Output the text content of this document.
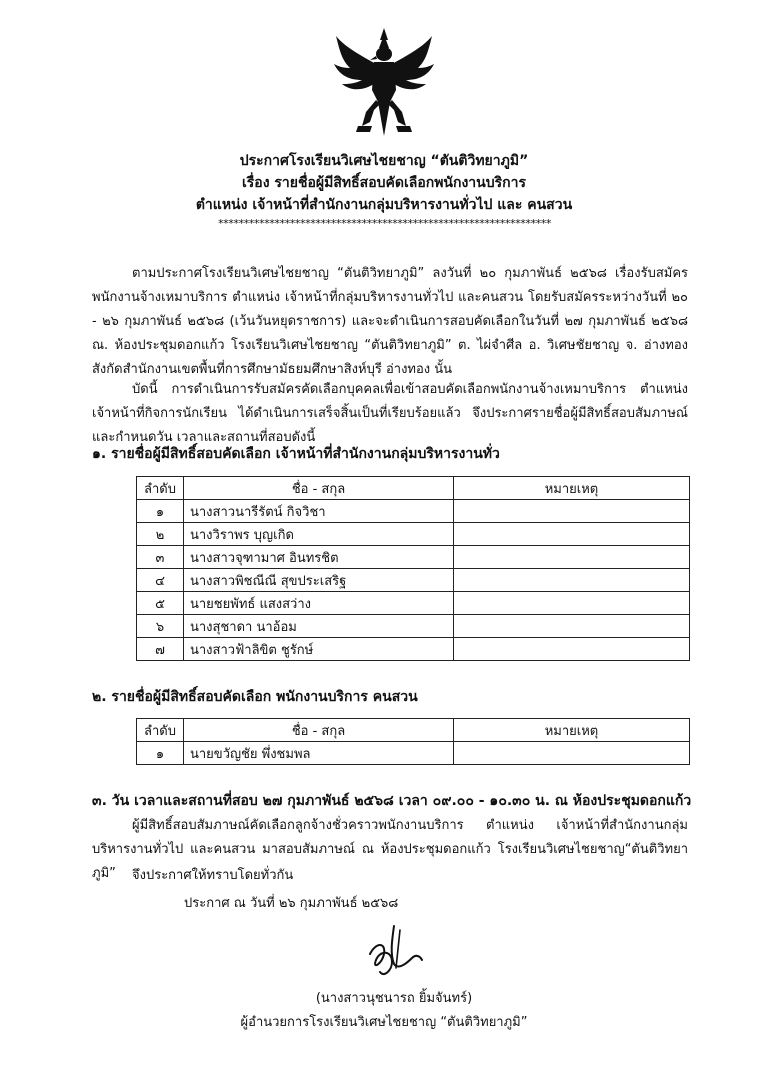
ประกาศโรงเรียนวิเศษไชยชาญ “ตันติวิทยาภูมิ”
เรื่อง รายชื่อผู้มีสิทธิ์สอบคัดเลือกพนักงานบริการ
ตำแหน่ง เจ้าหน้าที่สำนักงานกลุ่มบริหารงานทั่วไป และ คนสวน
*****************************************************************
ตามประกาศโรงเรียนวิเศษไชยชาญ “ตันติวิทยาภูมิ” ลงวันที่ ๒๐ กุมภาพันธ์ ๒๕๖๘ เรื่องรับสมัครพนักงานจ้างเหมาบริการ ตำแหน่ง เจ้าหน้าที่กลุ่มบริหารงานทั่วไป และคนสวน โดยรับสมัครระหว่างวันที่ ๒๐ - ๒๖ กุมภาพันธ์ ๒๕๖๘ (เว้นวันหยุดราชการ) และจะดำเนินการสอบคัดเลือกในวันที่ ๒๗ กุมภาพันธ์ ๒๕๖๘ ณ. ห้องประชุมดอกแก้ว โรงเรียนวิเศษไชยชาญ “ตันติวิทยาภูมิ” ต. ไผ่จำศีล อ. วิเศษชัยชาญ จ. อ่างทอง สังกัดสำนักงานเขตพื้นที่การศึกษามัธยมศึกษาสิงห์บุรี อ่างทอง นั้น
บัดนี้ การดำเนินการรับสมัครคัดเลือกบุคคลเพื่อเข้าสอบคัดเลือกพนักงานจ้างเหมาบริการ ตำแหน่ง เจ้าหน้าที่กิจการนักเรียน ได้ดำเนินการเสร็จสิ้นเป็นที่เรียบร้อยแล้ว จึงประกาศรายชื่อผู้มีสิทธิ์สอบสัมภาษณ์และกำหนดวัน เวลาและสถานที่สอบดังนี้
๑. รายชื่อผู้มีสิทธิ์สอบคัดเลือก เจ้าหน้าที่สำนักงานกลุ่มบริหารงานทั่ว
ลำดับ	ชื่อ - สกุล	หมายเหตุ
๑	นางสาวนารีรัตน์ กิจวิชา	
๒	นางวิราพร บุญเกิด	
๓	นางสาวจุฑามาศ อินทรชิต	
๔	นางสาวพิชณีณี สุขประเสริฐ	
๕	นายชยพัทธ์ แสงสว่าง	
๖	นางสุชาดา นาอ้อม	
๗	นางสาวฟ้าลิขิต ชูรักษ์	
๒. รายชื่อผู้มีสิทธิ์สอบคัดเลือก พนักงานบริการ คนสวน
ลำดับ	ชื่อ - สกุล	หมายเหตุ
๑	นายขวัญชัย พึ่งชมพล	
๓. วัน เวลาและสถานที่สอบ ๒๗ กุมภาพันธ์ ๒๕๖๘ เวลา ๐๙.๐๐ - ๑๐.๓๐ น. ณ ห้องประชุมดอกแก้ว
ผู้มีสิทธิ์สอบสัมภาษณ์คัดเลือกลูกจ้างชั่วคราวพนักงานบริการ ตำแหน่ง เจ้าหน้าที่สำนักงานกลุ่มบริหารงานทั่วไป และคนสวน มาสอบสัมภาษณ์ ณ ห้องประชุมดอกแก้ว โรงเรียนวิเศษไชยชาญ“ตันติวิทยาภูมิ”	จึงประกาศให้ทราบโดยทั่วกัน
ประกาศ ณ วันที่ ๒๖ กุมภาพันธ์ ๒๕๖๘
(นางสาวนุชนารถ ยิ้มจันทร์)
ผู้อำนวยการโรงเรียนวิเศษไชยชาญ “ตันติวิทยาภูมิ”
